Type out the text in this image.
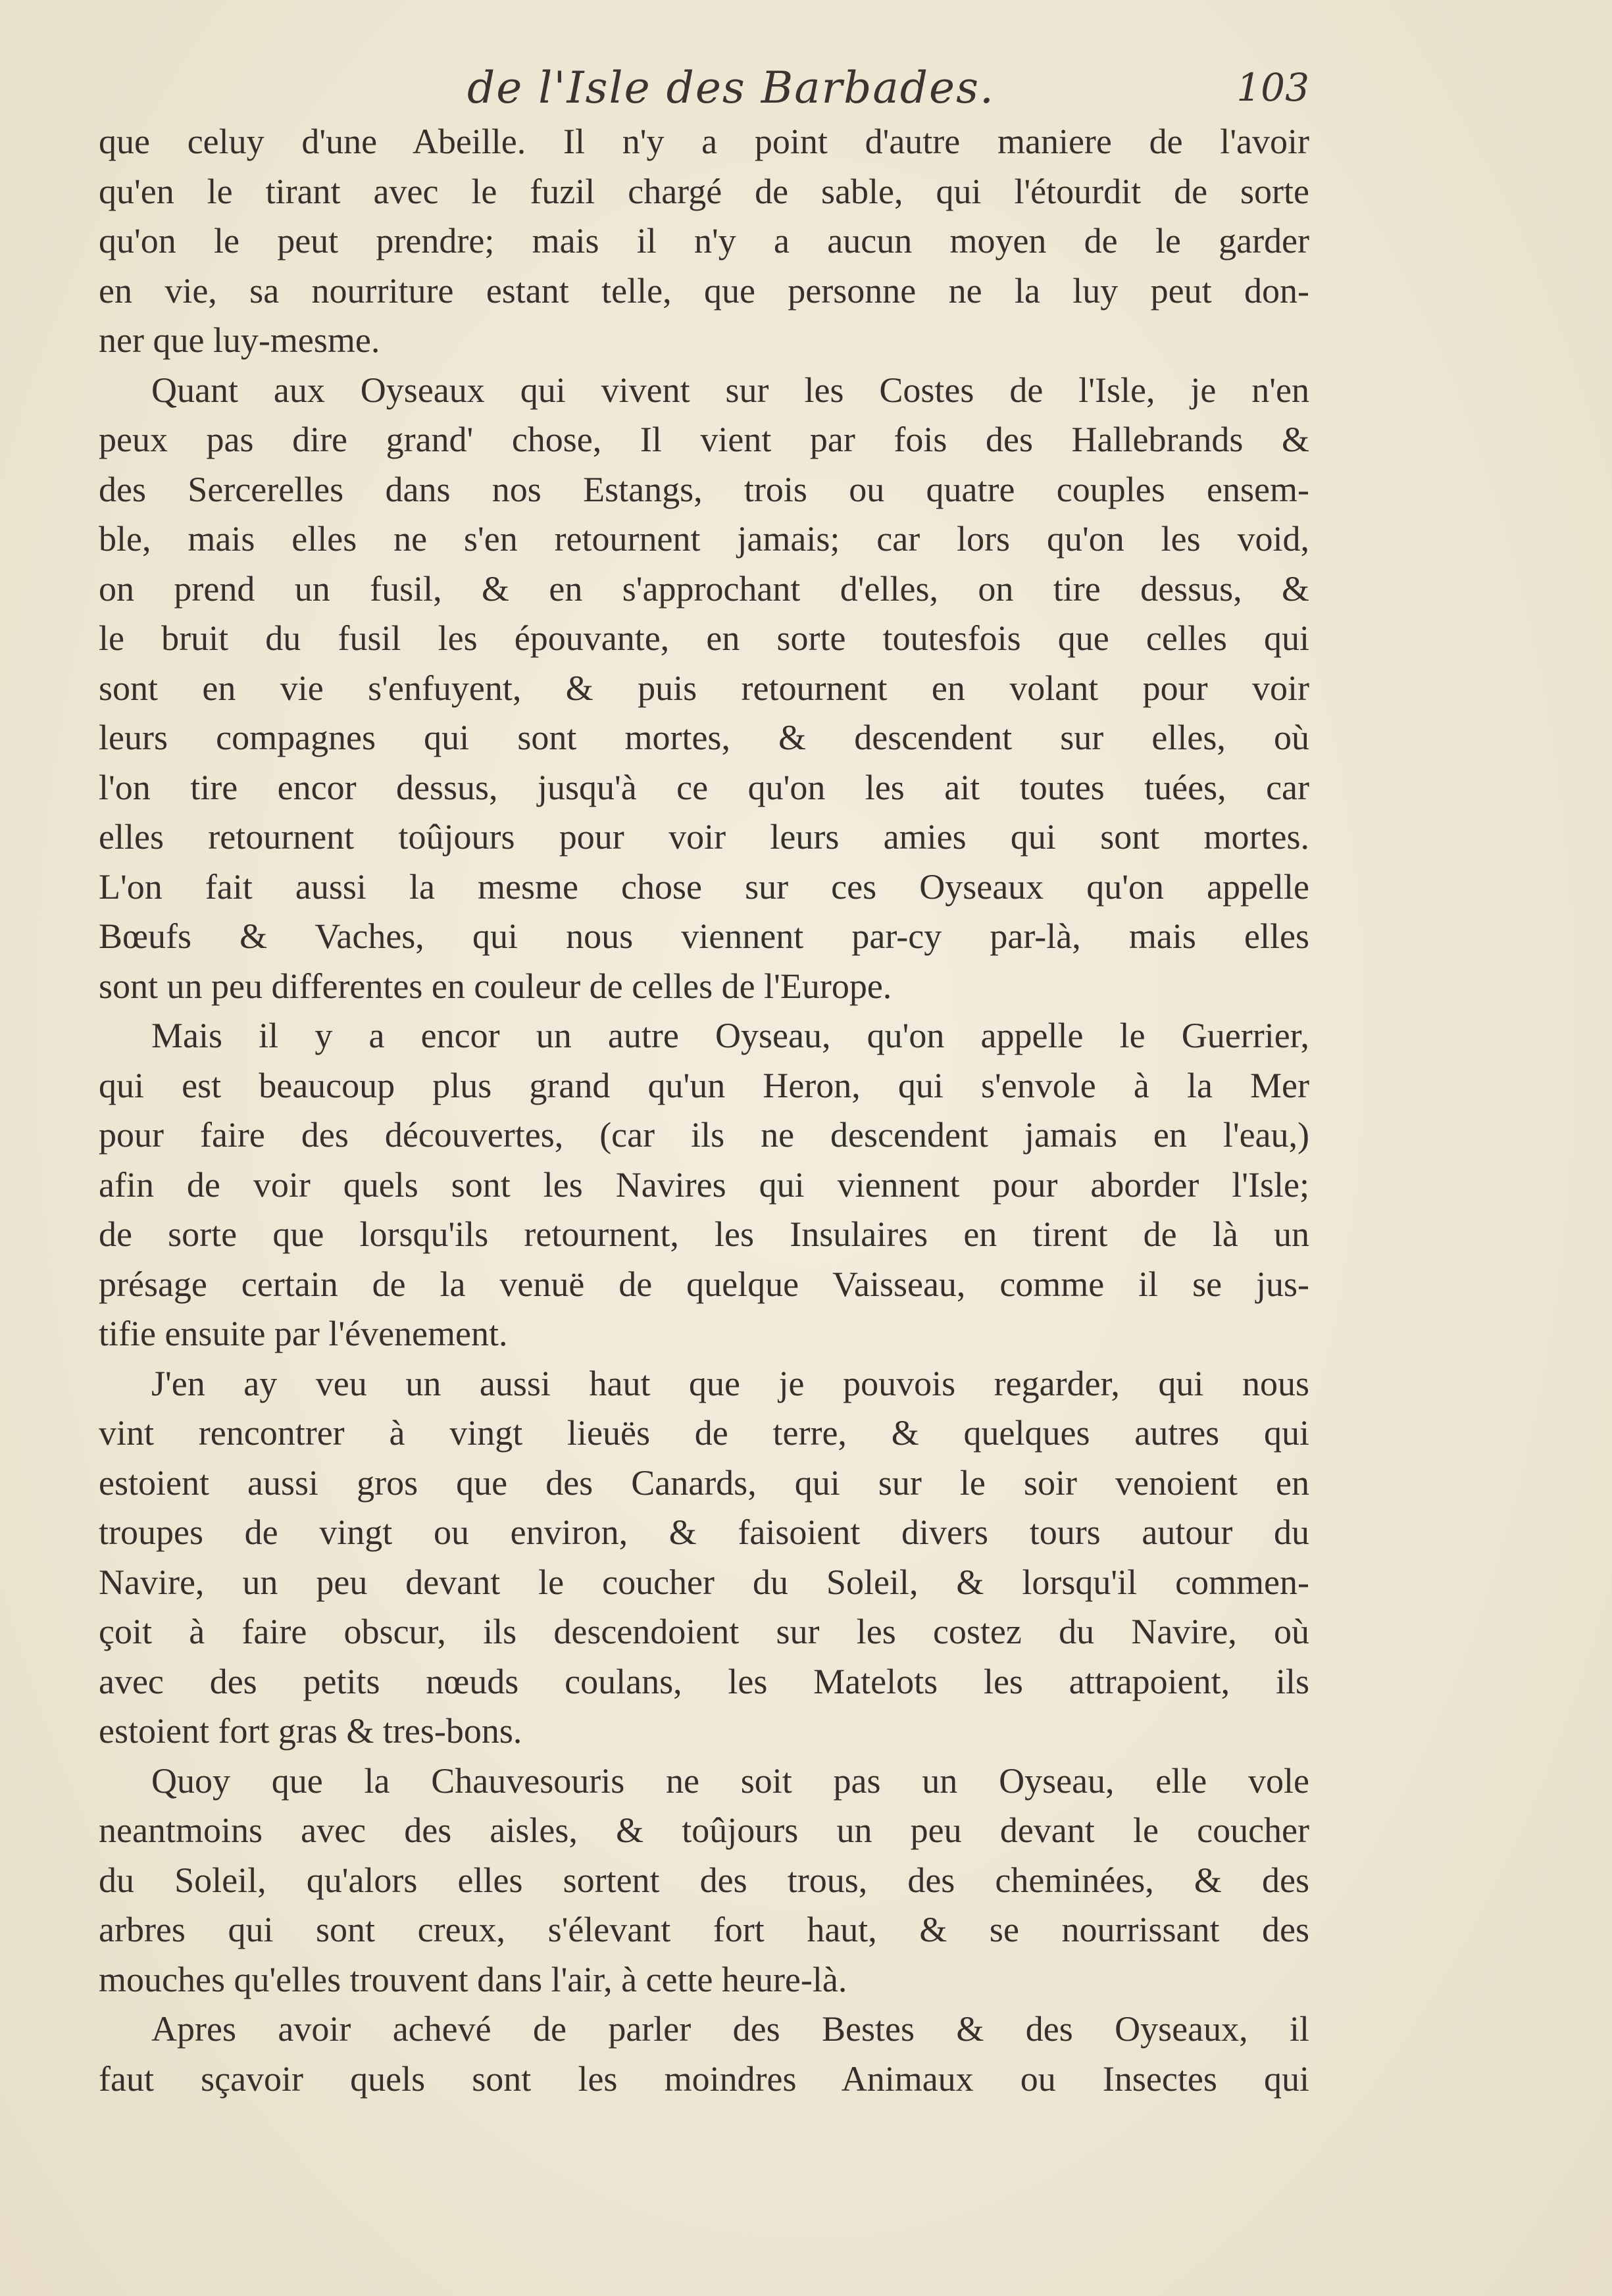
de l'Isle des Barbades.	103
que celuy d'une Abeille. Il n'y a point d'autre maniere de l'avoir
qu'en le tirant avec le fuzil chargé de sable, qui l'étourdit de sorte
qu'on le peut prendre; mais il n'y a aucun moyen de le garder
en vie, sa nourriture estant telle, que personne ne la luy peut don-
ner que luy-mesme.
Quant aux Oyseaux qui vivent sur les Costes de l'Isle, je n'en
peux pas dire grand' chose, Il vient par fois des Hallebrands &
des Sercerelles dans nos Estangs, trois ou quatre couples ensem-
ble, mais elles ne s'en retournent jamais; car lors qu'on les void,
on prend un fusil, & en s'approchant d'elles, on tire dessus, &
le bruit du fusil les épouvante, en sorte toutesfois que celles qui
sont en vie s'enfuyent, & puis retournent en volant pour voir
leurs compagnes qui sont mortes, & descendent sur elles, où
l'on tire encor dessus, jusqu'à ce qu'on les ait toutes tuées, car
elles retournent toûjours pour voir leurs amies qui sont mortes.
L'on fait aussi la mesme chose sur ces Oyseaux qu'on appelle
Bœufs & Vaches, qui nous viennent par-cy par-là, mais elles
sont un peu differentes en couleur de celles de l'Europe.
Mais il y a encor un autre Oyseau, qu'on appelle le Guerrier,
qui est beaucoup plus grand qu'un Heron, qui s'envole à la Mer
pour faire des découvertes, (car ils ne descendent jamais en l'eau,)
afin de voir quels sont les Navires qui viennent pour aborder l'Isle;
de sorte que lorsqu'ils retournent, les Insulaires en tirent de là un
présage certain de la venuë de quelque Vaisseau, comme il se jus-
tifie ensuite par l'évenement.
J'en ay veu un aussi haut que je pouvois regarder, qui nous
vint rencontrer à vingt lieuës de terre, & quelques autres qui
estoient aussi gros que des Canards, qui sur le soir venoient en
troupes de vingt ou environ, & faisoient divers tours autour du
Navire, un peu devant le coucher du Soleil, & lorsqu'il commen-
çoit à faire obscur, ils descendoient sur les costez du Navire, où
avec des petits nœuds coulans, les Matelots les attrapoient, ils
estoient fort gras & tres-bons.
Quoy que la Chauvesouris ne soit pas un Oyseau, elle vole
neantmoins avec des aisles, & toûjours un peu devant le coucher
du Soleil, qu'alors elles sortent des trous, des cheminées, & des
arbres qui sont creux, s'élevant fort haut, & se nourrissant des
mouches qu'elles trouvent dans l'air, à cette heure-là.
Apres avoir achevé de parler des Bestes & des Oyseaux, il
faut sçavoir quels sont les moindres Animaux ou Insectes qui
